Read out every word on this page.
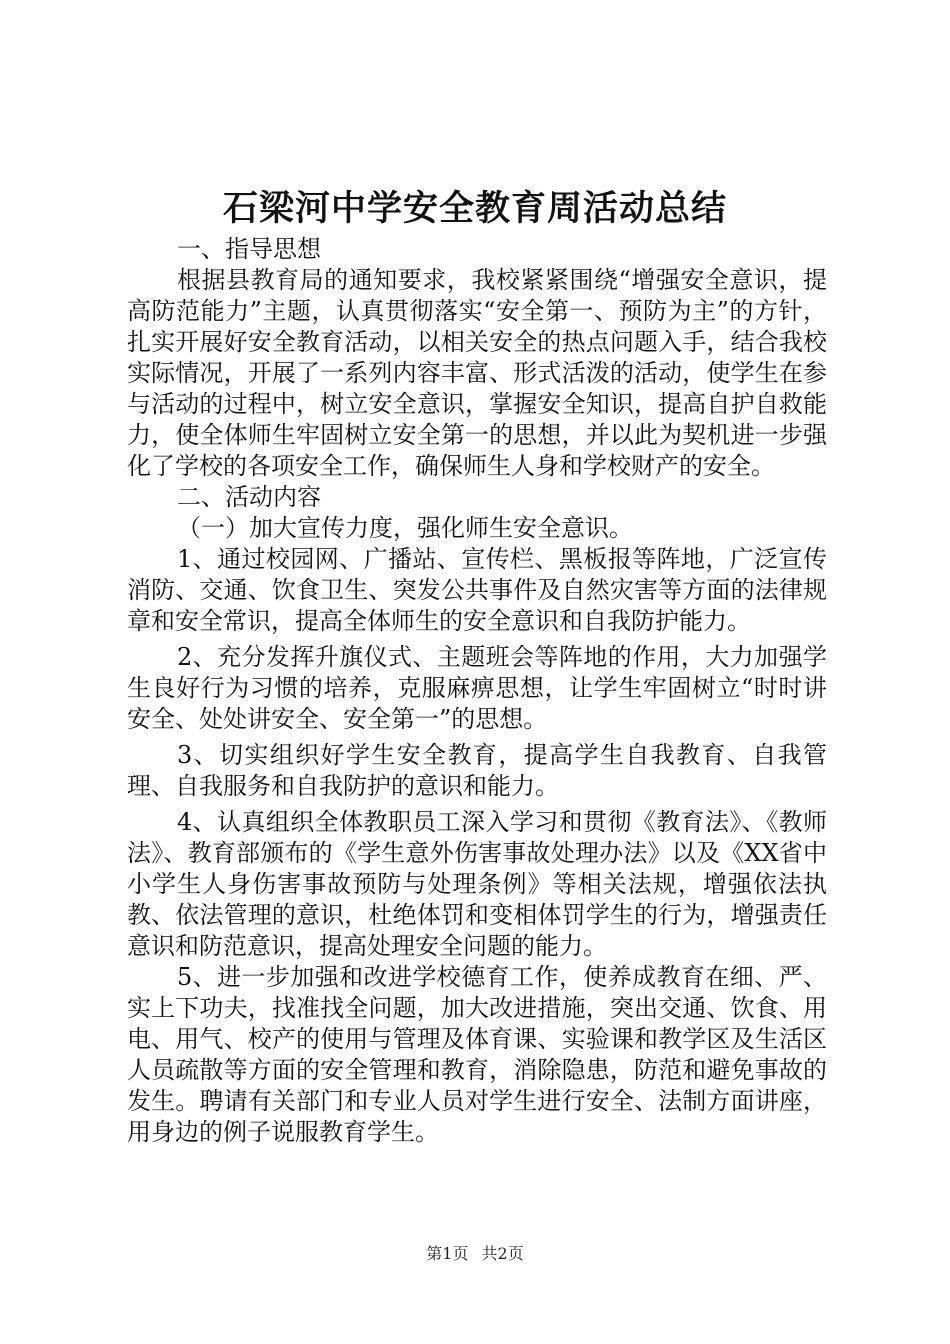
石梁河中学安全教育周活动总结

一、指导思想

根据县教育局的通知要求，我校紧紧围绕“增强安全意识，提高防范能力”主题，认真贯彻落实“安全第一、预防为主”的方针，扎实开展好安全教育活动，以相关安全的热点问题入手，结合我校实际情况，开展了一系列内容丰富、形式活泼的活动，使学生在参与活动的过程中，树立安全意识，掌握安全知识，提高自护自救能力，使全体师生牢固树立安全第一的思想，并以此为契机进一步强化了学校的各项安全工作，确保师生人身和学校财产的安全。

二、活动内容

（一）加大宣传力度，强化师生安全意识。

1、通过校园网、广播站、宣传栏、黑板报等阵地，广泛宣传消防、交通、饮食卫生、突发公共事件及自然灾害等方面的法律规章和安全常识，提高全体师生的安全意识和自我防护能力。

2、充分发挥升旗仪式、主题班会等阵地的作用，大力加强学生良好行为习惯的培养，克服麻痹思想，让学生牢固树立“时时讲安全、处处讲安全、安全第一”的思想。

3、切实组织好学生安全教育，提高学生自我教育、自我管理、自我服务和自我防护的意识和能力。

4、认真组织全体教职员工深入学习和贯彻《教育法》、《教师法》、教育部颁布的《学生意外伤害事故处理办法》以及《XX省中小学生人身伤害事故预防与处理条例》等相关法规，增强依法执教、依法管理的意识，杜绝体罚和变相体罚学生的行为，增强责任意识和防范意识，提高处理安全问题的能力。

5、进一步加强和改进学校德育工作，使养成教育在细、严、实上下功夫，找准找全问题，加大改进措施，突出交通、饮食、用电、用气、校产的使用与管理及体育课、实验课和教学区及生活区人员疏散等方面的安全管理和教育，消除隐患，防范和避免事故的发生。聘请有关部门和专业人员对学生进行安全、法制方面讲座，用身边的例子说服教育学生。

第1页 共2页
